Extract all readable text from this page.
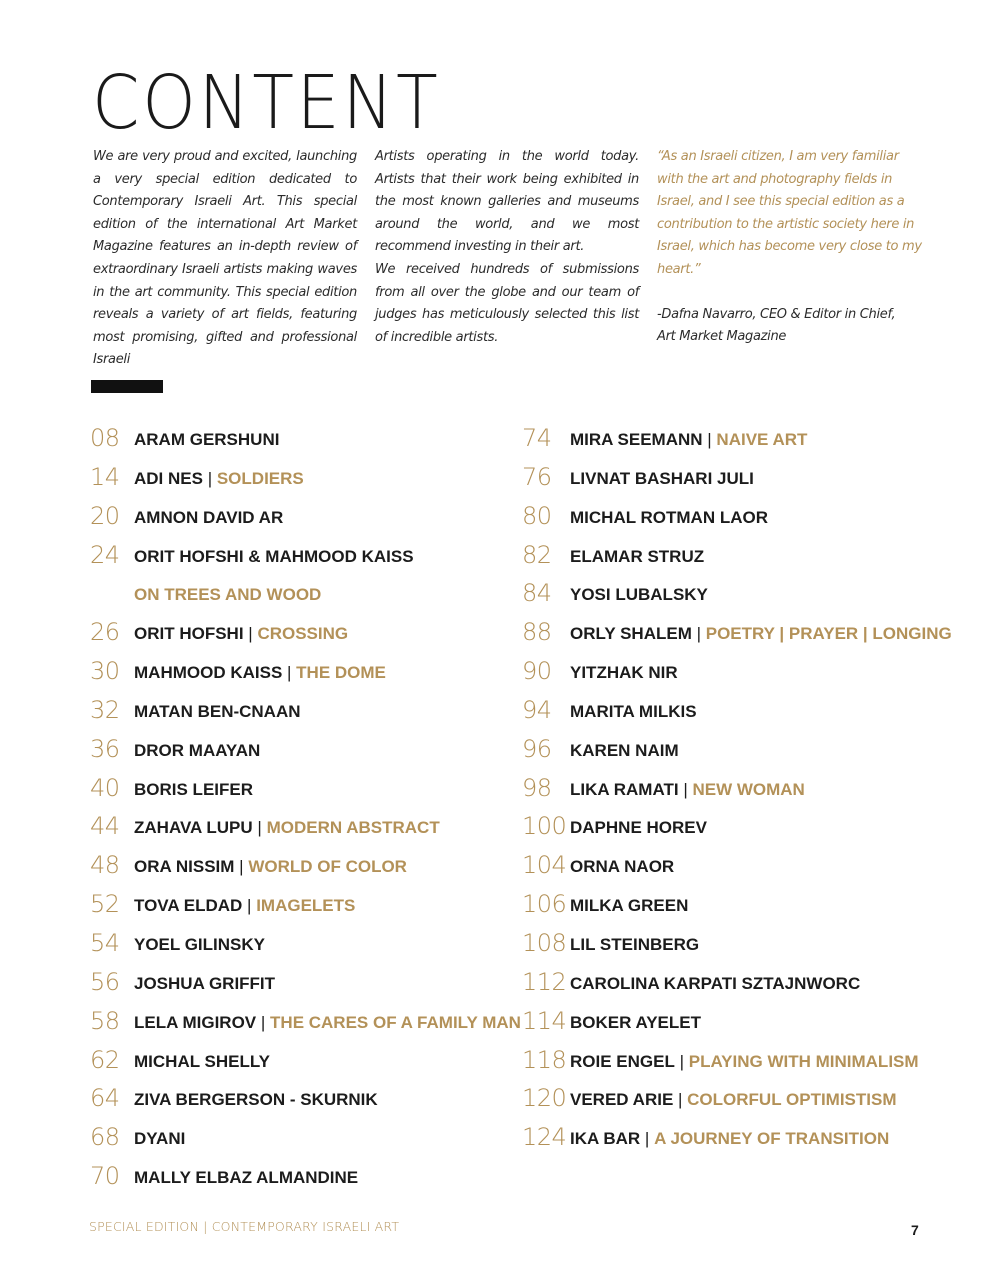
CONTENT

We are very proud and excited, launching a very special edition dedicated to Contemporary Israeli Art. This special edition of the international Art Market Magazine features an in-depth review of extraordinary Israeli artists making waves in the art community. This special edition reveals a variety of art fields, featuring most promising, gifted and professional Israeli

Artists operating in the world today. Artists that their work being exhibited in the most known galleries and museums around the world, and we most recommend investing in their art.

We received hundreds of submissions from all over the globe and our team of judges has meticulously selected this list of incredible artists.

“As an Israeli citizen, I am very familiar with the art and photography fields in Israel, and I see this special edition as a contribution to the artistic society here in Israel, which has become very close to my heart.”

-Dafna Navarro, CEO & Editor in Chief,
Art Market Magazine

08 ARAM GERSHUNI
14 ADI NES | SOLDIERS
20 AMNON DAVID AR
24 ORIT HOFSHI & MAHMOOD KAISS
ON TREES AND WOOD
26 ORIT HOFSHI | CROSSING
30 MAHMOOD KAISS | THE DOME
32 MATAN BEN-CNAAN
36 DROR MAAYAN
40 BORIS LEIFER
44 ZAHAVA LUPU | MODERN ABSTRACT
48 ORA NISSIM | WORLD OF COLOR
52 TOVA ELDAD | IMAGELETS
54 YOEL GILINSKY
56 JOSHUA GRIFFIT
58 LELA MIGIROV | THE CARES OF A FAMILY MAN
62 MICHAL SHELLY
64 ZIVA BERGERSON - SKURNIK
68 DYANI
70 MALLY ELBAZ ALMANDINE
74 MIRA SEEMANN | NAIVE ART
76 LIVNAT BASHARI JULI
80 MICHAL ROTMAN LAOR
82 ELAMAR STRUZ
84 YOSI LUBALSKY
88 ORLY SHALEM | POETRY | PRAYER | LONGING
90 YITZHAK NIR
94 MARITA MILKIS
96 KAREN NAIM
98 LIKA RAMATI | NEW WOMAN
100 DAPHNE HOREV
104 ORNA NAOR
106 MILKA GREEN
108 LIL STEINBERG
112 CAROLINA KARPATI SZTAJNWORC
114 BOKER AYELET
118 ROIE ENGEL | PLAYING WITH MINIMALISM
120 VERED ARIE | COLORFUL OPTIMISTISM
124 IKA BAR | A JOURNEY OF TRANSITION
SPECIAL EDITION | CONTEMPORARY ISRAELI ART	7
